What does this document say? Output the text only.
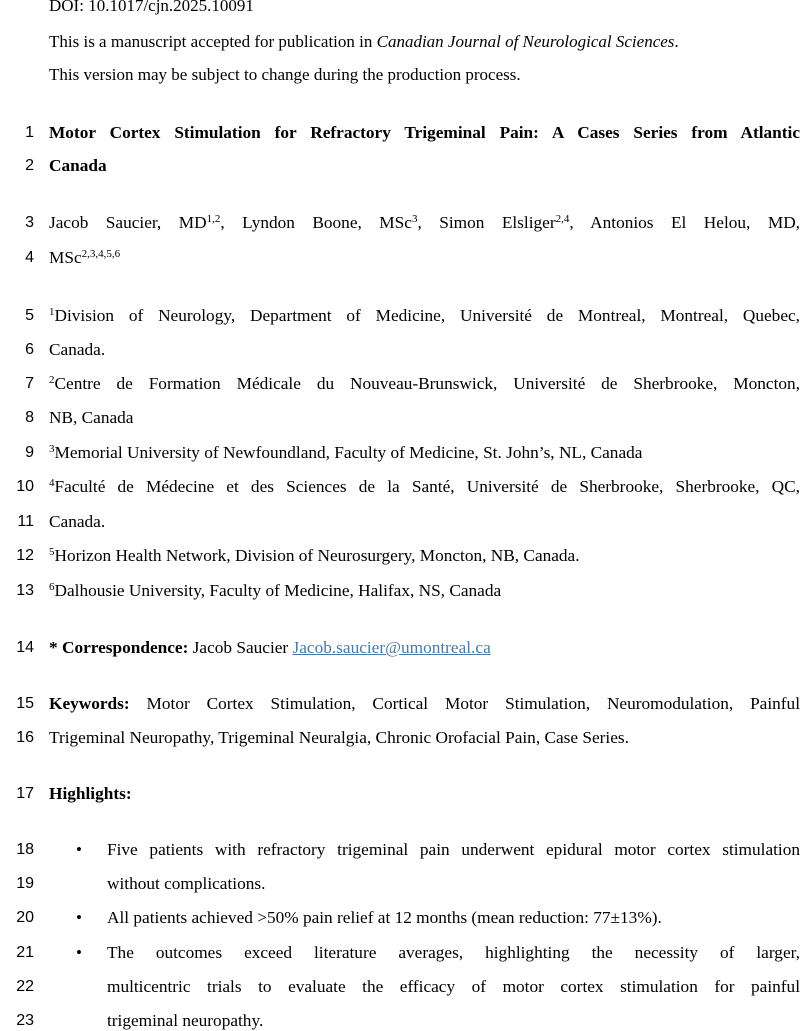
DOI: 10.1017/cjn.2025.10091
This is a manuscript accepted for publication in Canadian Journal of Neurological Sciences.
This version may be subject to change during the production process.
1
2
3
4
5
6
7
8
9
10
11
12
13
14
15
16
17
18
19
20
21
22
23
Motor Cortex Stimulation for Refractory Trigeminal Pain: A Cases Series from Atlantic
Canada
Jacob Saucier, MD$^{1,2}$, Lyndon Boone, MSc$^3$, Simon Elsliger$^{2,4}$, Antonios El Helou, MD,
MSc$^{2,3,4,5,6}$
$^1$Division of Neurology, Department of Medicine, Université de Montreal, Montreal, Quebec,
Canada.
$^2$Centre de Formation Médicale du Nouveau-Brunswick, Université de Sherbrooke, Moncton,
NB, Canada
$^3$Memorial University of Newfoundland, Faculty of Medicine, St. John’s, NL, Canada
$^4$Faculté de Médecine et des Sciences de la Santé, Université de Sherbrooke, Sherbrooke, QC,
Canada.
$^5$Horizon Health Network, Division of Neurosurgery, Moncton, NB, Canada.
$^6$Dalhousie University, Faculty of Medicine, Halifax, NS, Canada
* Correspondence: Jacob Saucier Jacob.saucier@umontreal.ca
Keywords: Motor Cortex Stimulation, Cortical Motor Stimulation, Neuromodulation, Painful
Trigeminal Neuropathy, Trigeminal Neuralgia, Chronic Orofacial Pain, Case Series.
Highlights:
• Five patients with refractory trigeminal pain underwent epidural motor cortex stimulation
without complications.
• All patients achieved >50% pain relief at 12 months (mean reduction: 77±13%).
• The outcomes exceed literature averages, highlighting the necessity of larger,
multicentric trials to evaluate the efficacy of motor cortex stimulation for painful
trigeminal neuropathy.
